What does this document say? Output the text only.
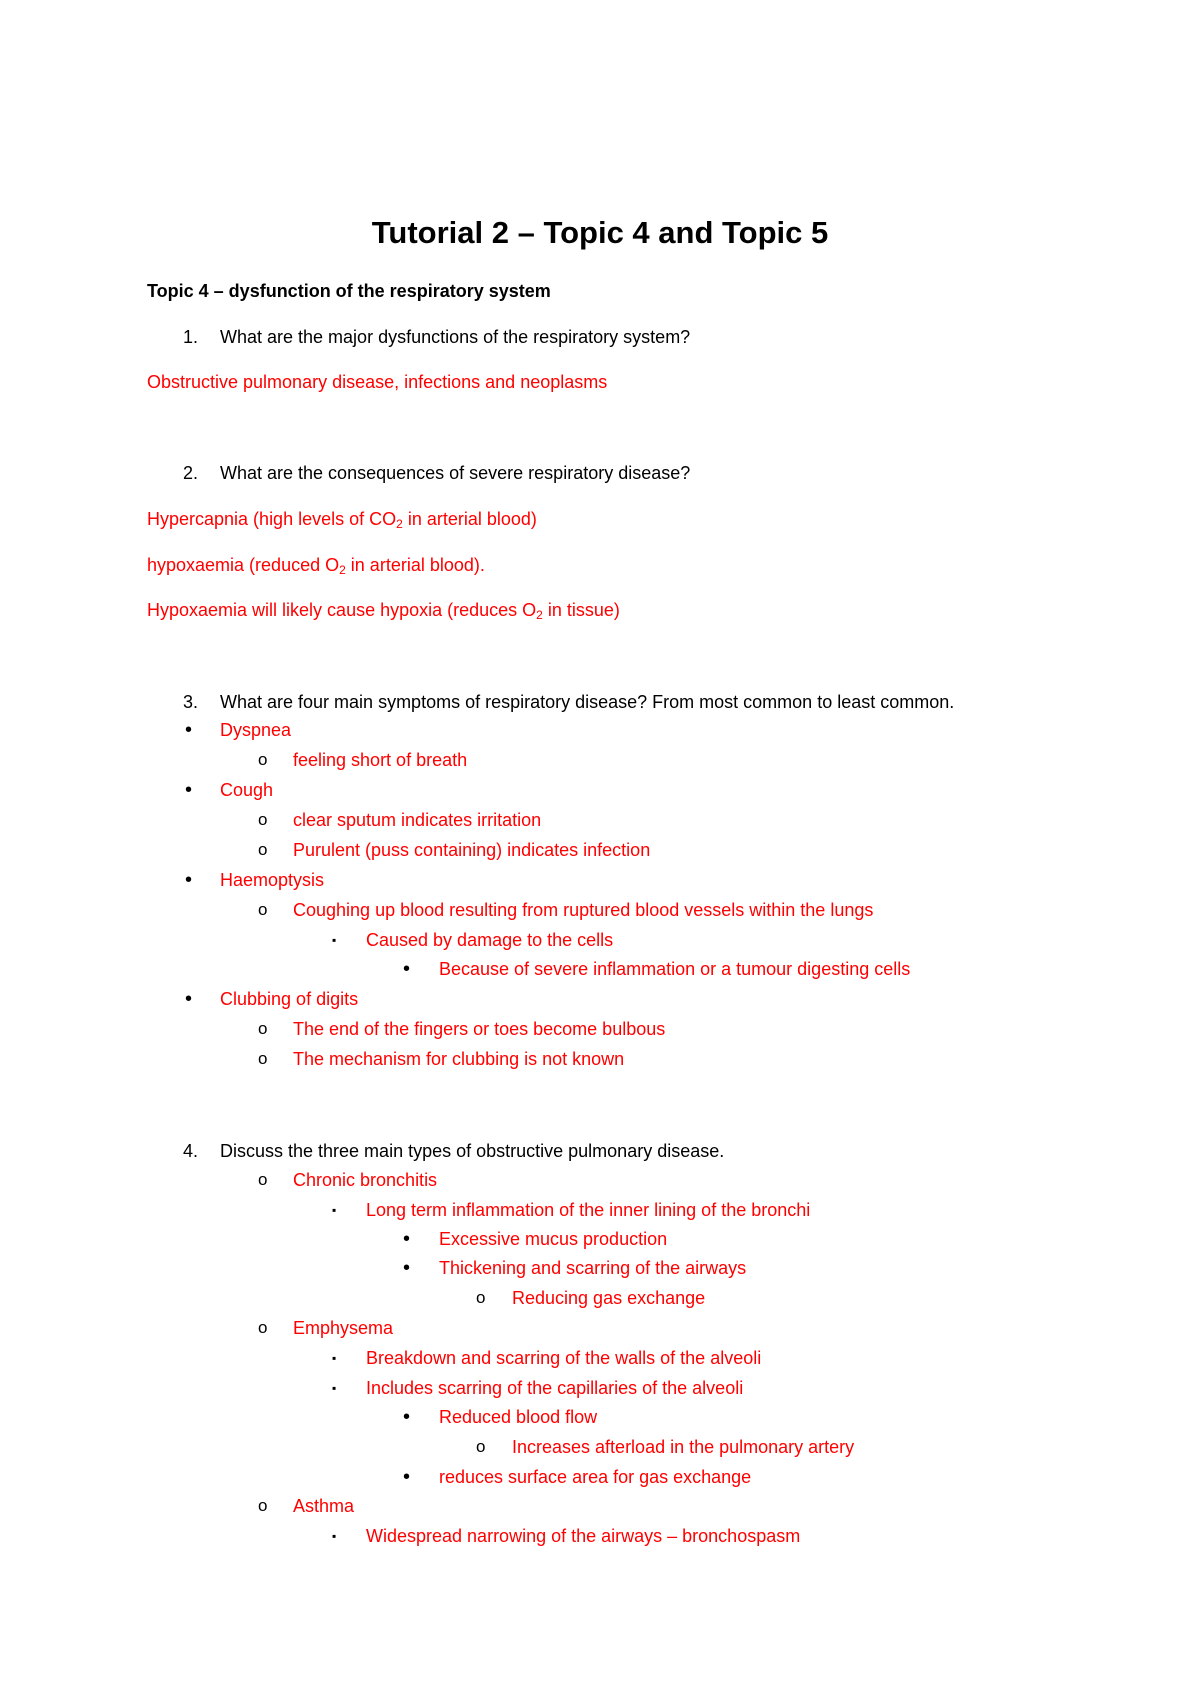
Tutorial 2 – Topic 4 and Topic 5
Topic 4 – dysfunction of the respiratory system
1. What are the major dysfunctions of the respiratory system?
Obstructive pulmonary disease, infections and neoplasms
2. What are the consequences of severe respiratory disease?
Hypercapnia (high levels of $CO_2$ in arterial blood)
hypoxaemia (reduced $O_2$ in arterial blood).
Hypoxaemia will likely cause hypoxia (reduces $O_2$ in tissue)
3. What are four main symptoms of respiratory disease? From most common to least common.
• Dyspnea
o feeling short of breath
• Cough
o clear sputum indicates irritation
o Purulent (puss containing) indicates infection
• Haemoptysis
o Coughing up blood resulting from ruptured blood vessels within the lungs
▪ Caused by damage to the cells
• Because of severe inflammation or a tumour digesting cells
• Clubbing of digits
o The end of the fingers or toes become bulbous
o The mechanism for clubbing is not known
4. Discuss the three main types of obstructive pulmonary disease.
o Chronic bronchitis
▪ Long term inflammation of the inner lining of the bronchi
• Excessive mucus production
• Thickening and scarring of the airways
o Reducing gas exchange
o Emphysema
▪ Breakdown and scarring of the walls of the alveoli
▪ Includes scarring of the capillaries of the alveoli
• Reduced blood flow
o Increases afterload in the pulmonary artery
• reduces surface area for gas exchange
o Asthma
▪ Widespread narrowing of the airways – bronchospasm
